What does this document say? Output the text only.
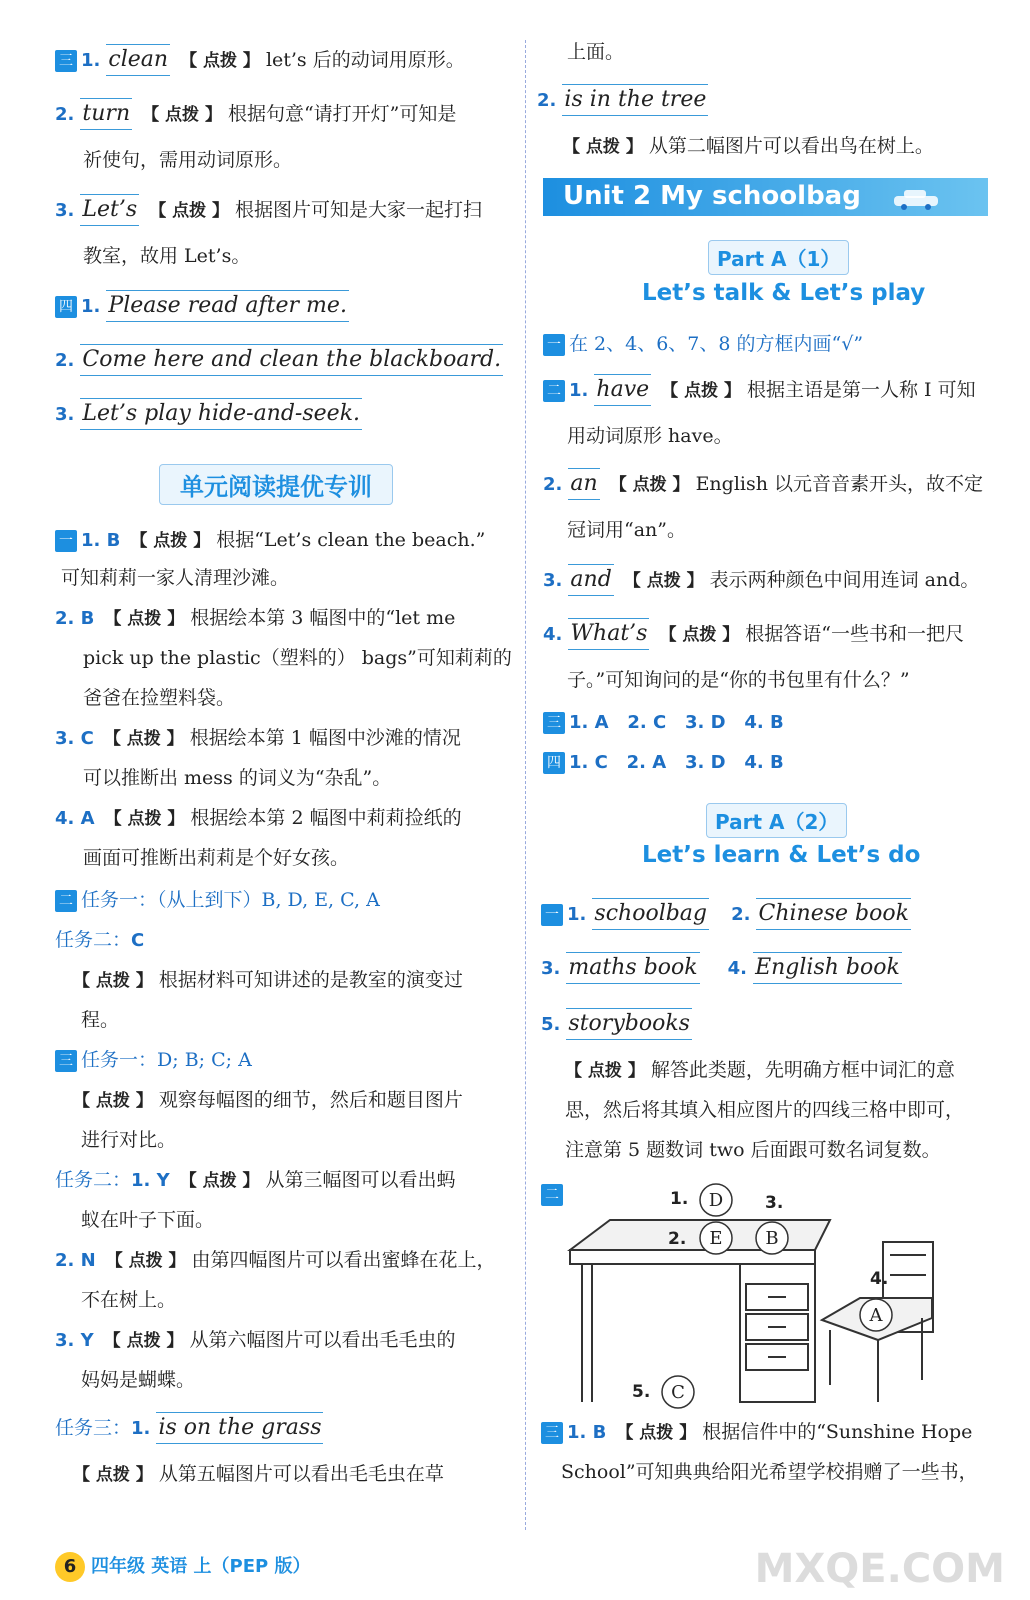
三 1. clean 【 点拨 】 let’s 后的动词用原形。
2. turn 【 点拨 】 根据句意“请打开灯”可知是
祈使句，需用动词原形。
3. Let’s 【 点拨 】 根据图片可知是大家一起打扫
教室，故用 Let’s。
四 1. Please read after me.
2. Come here and clean the blackboard.
3. Let’s play hide-and-seek.
单元阅读提优专训
一 1. B 【 点拨 】 根据“Let’s clean the beach.”
可知莉莉一家人清理沙滩。
2. B 【 点拨 】 根据绘本第 3 幅图中的“let me
pick up the plastic（塑料的） bags”可知莉莉的
爸爸在捡塑料袋。
3. C 【 点拨 】 根据绘本第 1 幅图中沙滩的情况
可以推断出 mess 的词义为“杂乱”。
4. A 【 点拨 】 根据绘本第 2 幅图中莉莉捡纸的
画面可推断出莉莉是个好女孩。
二 任务一：（从上到下）B, D, E, C, A
任务二：C
【 点拨 】 根据材料可知讲述的是教室的演变过
程。
三 任务一：D; B; C; A
【 点拨 】 观察每幅图的细节，然后和题目图片
进行对比。
任务二：1. Y 【 点拨 】 从第三幅图可以看出蚂
蚁在叶子下面。
2. N 【 点拨 】 由第四幅图片可以看出蜜蜂在花上，
不在树上。
3. Y 【 点拨 】 从第六幅图片可以看出毛毛虫的
妈妈是蝴蝶。
任务三：1. is on the grass
【 点拨 】 从第五幅图片可以看出毛毛虫在草
上面。
2. is in the tree
【 点拨 】 从第二幅图片可以看出鸟在树上。
Unit 2 My schoolbag
Part A（1）
Let’s talk & Let’s play
一 在 2、4、6、7、8 的方框内画“√”
二 1. have 【 点拨 】 根据主语是第一人称 I 可知
用动词原形 have。
2. an 【 点拨 】 English 以元音音素开头，故不定
冠词用“an”。
3. and 【 点拨 】 表示两种颜色中间用连词 and。
4. What’s 【 点拨 】 根据答语“一些书和一把尺
子。”可知询问的是“你的书包里有什么？”
三 1. A   2. C   3. D   4. B
四 1. C   2. A   3. D   4. B
Part A（2）
Let’s learn & Let’s do
一 1. schoolbag 2. Chinese book
3. maths book 4. English book
5. storybooks
【 点拨 】 解答此类题，先明确方框中词汇的意
思，然后将其填入相应图片的四线三格中即可，
注意第 5 题数词 two 后面跟可数名词复数。
二	1.	3.
2.
4.
5.
D
E B
A
C
三 1. B 【 点拨 】 根据信件中的“Sunshine Hope
School”可知典典给阳光希望学校捐赠了一些书，
6 四年级 英语 上（PEP 版）	MXQE.COM
